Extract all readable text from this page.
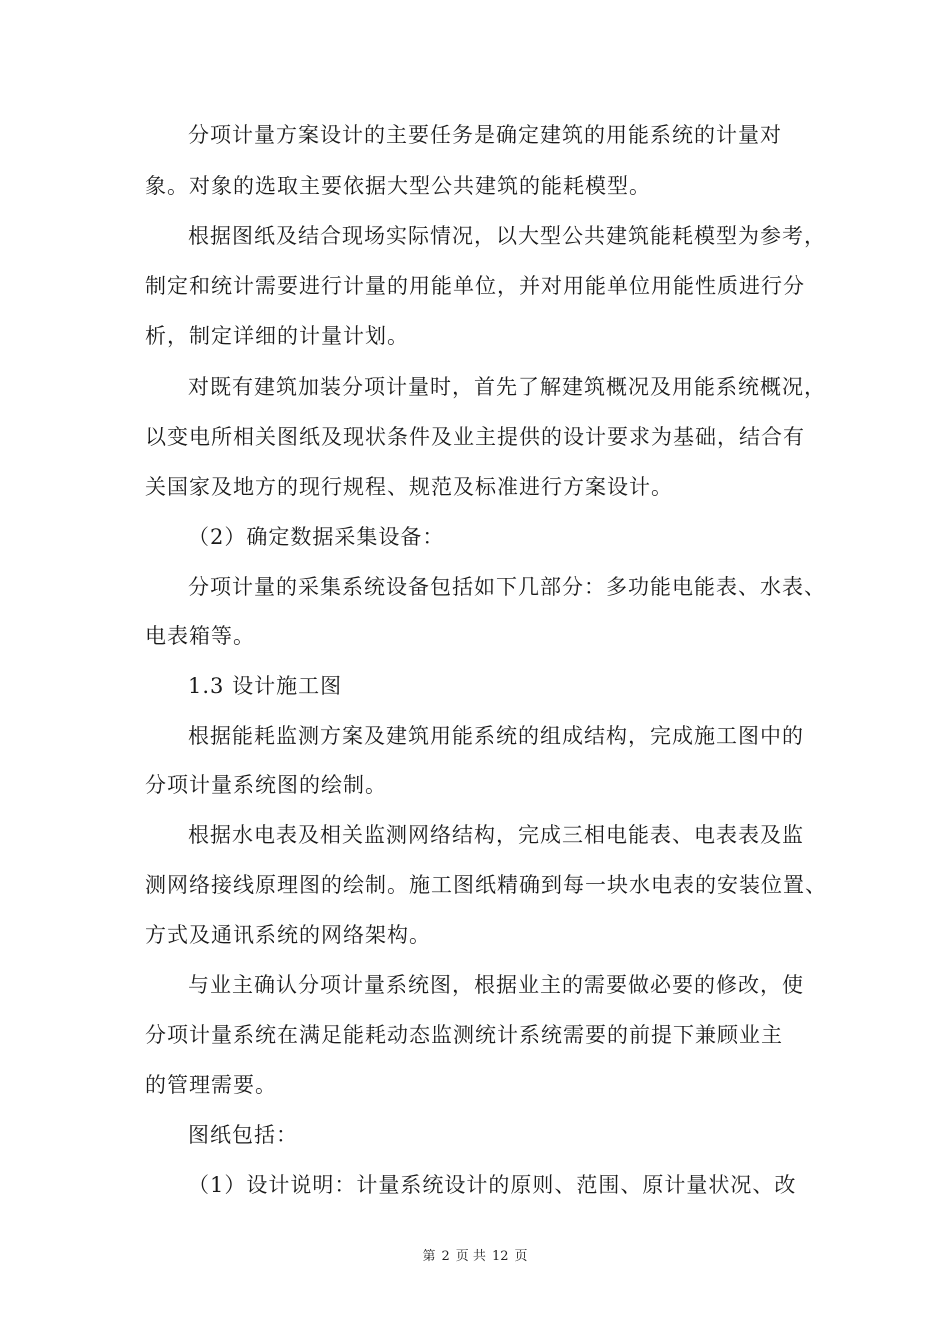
分项计量方案设计的主要任务是确定建筑的用能系统的计量对
象。对象的选取主要依据大型公共建筑的能耗模型。
根据图纸及结合现场实际情况，以大型公共建筑能耗模型为参考，
制定和统计需要进行计量的用能单位，并对用能单位用能性质进行分
析，制定详细的计量计划。
对既有建筑加装分项计量时，首先了解建筑概况及用能系统概况，
以变电所相关图纸及现状条件及业主提供的设计要求为基础，结合有
关国家及地方的现行规程、规范及标准进行方案设计。
（2）确定数据采集设备：
分项计量的采集系统设备包括如下几部分：多功能电能表、水表、
电表箱等。
1.3 设计施工图
根据能耗监测方案及建筑用能系统的组成结构，完成施工图中的
分项计量系统图的绘制。
根据水电表及相关监测网络结构，完成三相电能表、电表表及监
测网络接线原理图的绘制。施工图纸精确到每一块水电表的安装位置、
方式及通讯系统的网络架构。
与业主确认分项计量系统图，根据业主的需要做必要的修改，使
分项计量系统在满足能耗动态监测统计系统需要的前提下兼顾业主
的管理需要。
图纸包括：
（1）设计说明：计量系统设计的原则、范围、原计量状况、改
第 2 页 共 12 页
